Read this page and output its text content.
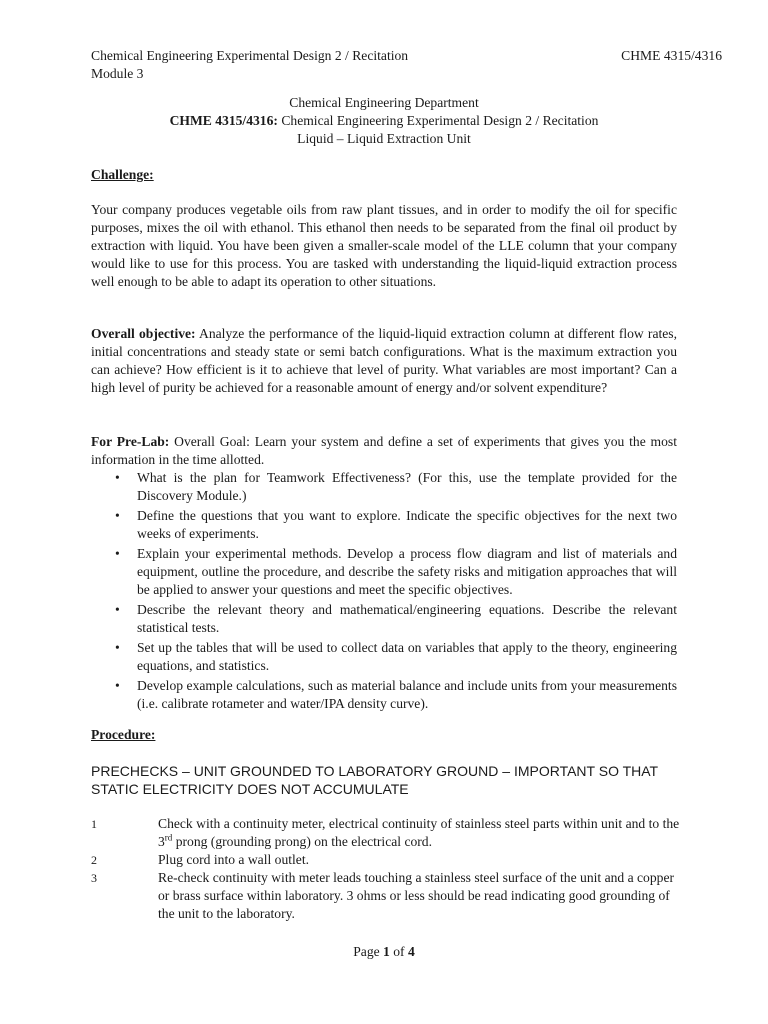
Chemical Engineering Experimental Design 2 / Recitation
Module 3
CHME 4315/4316
Chemical Engineering Department
CHME 4315/4316: Chemical Engineering Experimental Design 2 / Recitation
Liquid – Liquid Extraction Unit
Challenge:
Your company produces vegetable oils from raw plant tissues, and in order to modify the oil for specific purposes, mixes the oil with ethanol. This ethanol then needs to be separated from the final oil product by extraction with liquid. You have been given a smaller-scale model of the LLE column that your company would like to use for this process. You are tasked with understanding the liquid-liquid extraction process well enough to be able to adapt its operation to other situations.
Overall objective: Analyze the performance of the liquid-liquid extraction column at different flow rates, initial concentrations and steady state or semi batch configurations. What is the maximum extraction you can achieve? How efficient is it to achieve that level of purity. What variables are most important? Can a high level of purity be achieved for a reasonable amount of energy and/or solvent expenditure?
For Pre-Lab: Overall Goal: Learn your system and define a set of experiments that gives you the most information in the time allotted.
• What is the plan for Teamwork Effectiveness? (For this, use the template provided for the Discovery Module.)
• Define the questions that you want to explore. Indicate the specific objectives for the next two weeks of experiments.
• Explain your experimental methods. Develop a process flow diagram and list of materials and equipment, outline the procedure, and describe the safety risks and mitigation approaches that will be applied to answer your questions and meet the specific objectives.
• Describe the relevant theory and mathematical/engineering equations. Describe the relevant statistical tests.
• Set up the tables that will be used to collect data on variables that apply to the theory, engineering equations, and statistics.
• Develop example calculations, such as material balance and include units from your measurements (i.e. calibrate rotameter and water/IPA density curve).
Procedure:
PRECHECKS – UNIT GROUNDED TO LABORATORY GROUND – IMPORTANT SO THAT STATIC ELECTRICITY DOES NOT ACCUMULATE
1	Check with a continuity meter, electrical continuity of stainless steel parts within unit and to the 3rd prong (grounding prong) on the electrical cord.
2	Plug cord into a wall outlet.
3	Re-check continuity with meter leads touching a stainless steel surface of the unit and a copper or brass surface within laboratory. 3 ohms or less should be read indicating good grounding of the unit to the laboratory.
Page 1 of 4
